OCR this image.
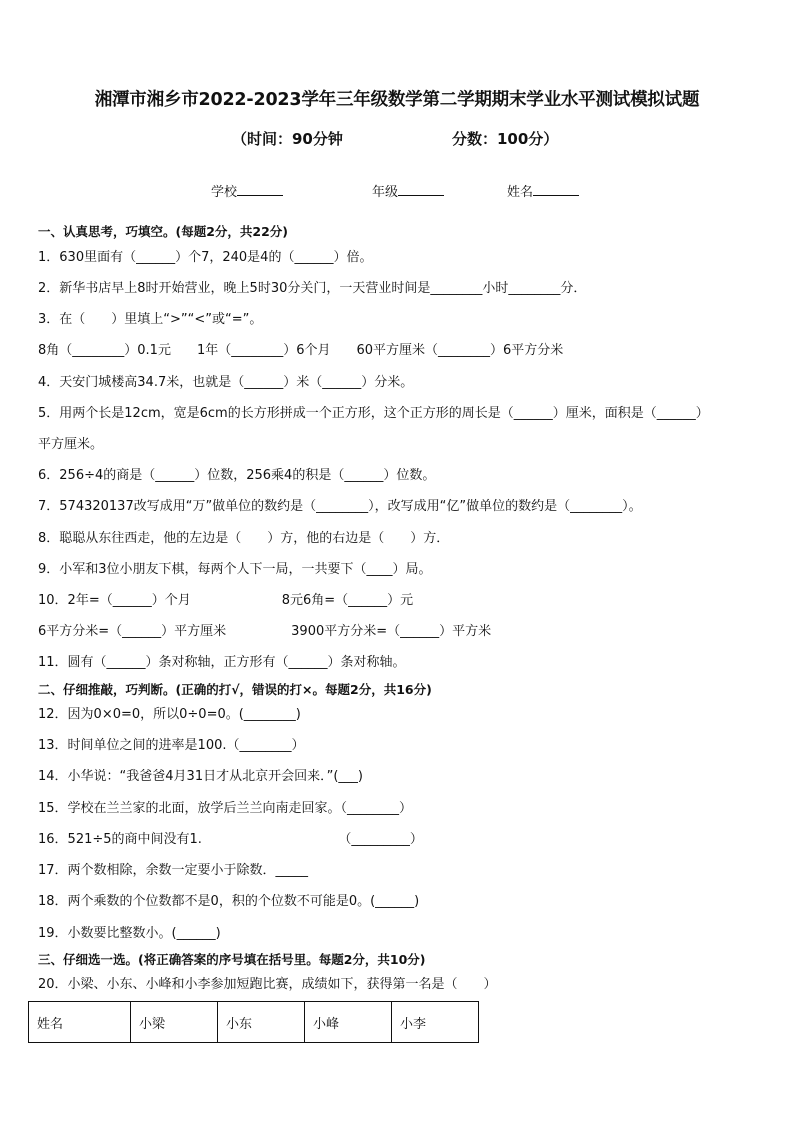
湘潭市湘乡市2022-2023学年三年级数学第二学期期末学业水平测试模拟试题
（时间：90分钟	分数：100分）
学校	年级	姓名
一、认真思考，巧填空。(每题2分，共22分)
1．630里面有（______）个7，240是4的（______）倍。
2．新华书店早上8时开始营业，晚上5时30分关门，一天营业时间是________小时________分．
3．在（　　）里填上“>”“<”或“=”。
8角（________）0.1元　　1年（________）6个月　　60平方厘米（________）6平方分米
4．天安门城楼高34.7米，也就是（______）米（______）分米。
5．用两个长是12cm，宽是6cm的长方形拼成一个正方形，这个正方形的周长是（______）厘米，面积是（______）
平方厘米。
6．256÷4的商是（______）位数，256乘4的积是（______）位数。
7．574320137改写成用“万”做单位的数约是（________），改写成用“亿”做单位的数约是（________）。
8．聪聪从东往西走，他的左边是（　　）方，他的右边是（　　）方．
9．小军和3位小朋友下棋，每两个人下一局，一共要下（____）局。
10．2年=（______）个月　　　　　　　8元6角=（______）元
6平方分米=（______）平方厘米　　　　　3900平方分米=（______）平方米
11．圆有（______）条对称轴，正方形有（______）条对称轴。
二、仔细推敲，巧判断。(正确的打√，错误的打×。每题2分，共16分)
12．因为0×0=0，所以0÷0=0。(________)
13．时间单位之间的进率是100.（________）
14．小华说：“我爸爸4月31日才从北京开会回来．”(___)
15．学校在兰兰家的北面，放学后兰兰向南走回家。（________）
16．521÷5的商中间没有1.　　　　　　　　　　　（_________）
17．两个数相除，余数一定要小于除数．_____
18．两个乘数的个位数都不是0，积的个位数不可能是0。(______)
19．小数要比整数小。(______)
三、仔细选一选。(将正确答案的序号填在括号里。每题2分，共10分)
20．小梁、小东、小峰和小李参加短跑比赛，成绩如下，获得第一名是（　　）
姓名	小梁	小东	小峰	小李
